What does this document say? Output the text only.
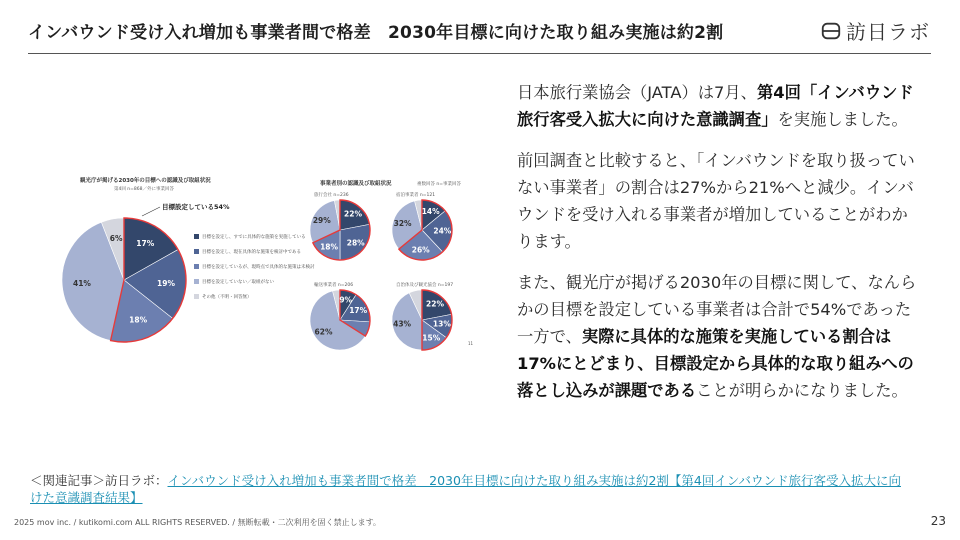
インバウンド受け入れ増加も事業者間で格差　2030年目標に向けた取り組み実施は約2割	訪日ラボ
観光庁が掲げる2030年の目標への認識及び取組状況
第4回 n=868／外に事業回答
目標設定している54%
17%
19%
18%
41%
6%	目標を設定し、すでに具体的な施策を実施している
目標を設定し、現在具体的な施策を検討中である
目標を設定しているが、現時点で具体的な施策は未検討
目標を設定していない／取組がない
その他（不明・回答無）
事業者別の認識及び取組状況	複数回答 n=事業回答
旅行会社 n=236
22%
28%
18%
29%
宿泊事業者 n=121
14%
24%
26%
32%
輸送事業者 n=206
9%
17%
62%
自治体及び観光協会 n=197
22%
13%
15%
43%
11

日本旅行業協会（JATA）は7月、第4回「インバウンド旅行客受入拡大に向けた意識調査」を実施しました。

前回調査と比較すると、「インバウンドを取り扱っていない事業者」の割合は27%から21%へと減少。インバウンドを受け入れる事業者が増加していることがわかります。

また、観光庁が掲げる2030年の目標に関して、なんらかの目標を設定している事業者は合計で54%であった一方で、実際に具体的な施策を実施している割合は17%にとどまり、目標設定から具体的な取り組みへの落とし込みが課題であることが明らかになりました。

＜関連記事＞訪日ラボ：インバウンド受け入れ増加も事業者間で格差　2030年目標に向けた取り組み実施は約2割【第4回インバウンド旅行客受入拡大に向けた意識調査結果】
2025 mov inc. / kutikomi.com ALL RIGHTS RESERVED. / 無断転載・二次利用を固く禁止します。	23
